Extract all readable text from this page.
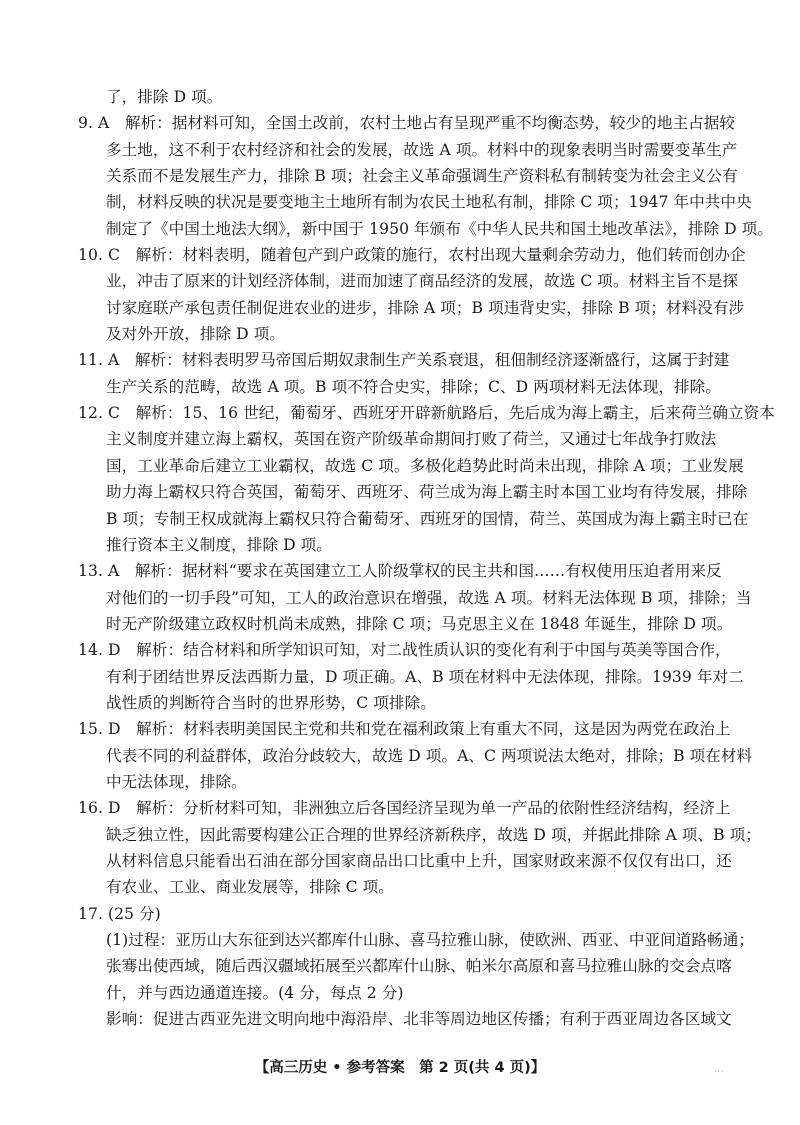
了，排除 D 项。
9. A　解析：据材料可知，全国土改前，农村土地占有呈现严重不均衡态势，较少的地主占据较
多土地，这不利于农村经济和社会的发展，故选 A 项。材料中的现象表明当时需要变革生产
关系而不是发展生产力，排除 B 项；社会主义革命强调生产资料私有制转变为社会主义公有
制，材料反映的状况是要变地主土地所有制为农民土地私有制，排除 C 项；1947 年中共中央
制定了《中国土地法大纲》，新中国于 1950 年颁布《中华人民共和国土地改革法》，排除 D 项。
10. C　解析：材料表明，随着包产到户政策的施行，农村出现大量剩余劳动力，他们转而创办企
业，冲击了原来的计划经济体制，进而加速了商品经济的发展，故选 C 项。材料主旨不是探
讨家庭联产承包责任制促进农业的进步，排除 A 项；B 项违背史实，排除 B 项；材料没有涉
及对外开放，排除 D 项。
11. A　解析：材料表明罗马帝国后期奴隶制生产关系衰退，租佃制经济逐渐盛行，这属于封建
生产关系的范畴，故选 A 项。B 项不符合史实，排除；C、D 两项材料无法体现，排除。
12. C　解析：15、16 世纪，葡萄牙、西班牙开辟新航路后，先后成为海上霸主，后来荷兰确立资本
主义制度并建立海上霸权，英国在资产阶级革命期间打败了荷兰，又通过七年战争打败法
国，工业革命后建立工业霸权，故选 C 项。多极化趋势此时尚未出现，排除 A 项；工业发展
助力海上霸权只符合英国，葡萄牙、西班牙、荷兰成为海上霸主时本国工业均有待发展，排除
B 项；专制王权成就海上霸权只符合葡萄牙、西班牙的国情，荷兰、英国成为海上霸主时已在
推行资本主义制度，排除 D 项。
13. A　解析：据材料“要求在英国建立工人阶级掌权的民主共和国……有权使用压迫者用来反
对他们的一切手段”可知，工人的政治意识在增强，故选 A 项。材料无法体现 B 项，排除；当
时无产阶级建立政权时机尚未成熟，排除 C 项；马克思主义在 1848 年诞生，排除 D 项。
14. D　解析：结合材料和所学知识可知，对二战性质认识的变化有利于中国与英美等国合作，
有利于团结世界反法西斯力量，D 项正确。A、B 项在材料中无法体现，排除。1939 年对二
战性质的判断符合当时的世界形势，C 项排除。
15. D　解析：材料表明美国民主党和共和党在福利政策上有重大不同，这是因为两党在政治上
代表不同的利益群体，政治分歧较大，故选 D 项。A、C 两项说法太绝对，排除；B 项在材料
中无法体现，排除。
16. D　解析：分析材料可知，非洲独立后各国经济呈现为单一产品的依附性经济结构，经济上
缺乏独立性，因此需要构建公正合理的世界经济新秩序，故选 D 项，并据此排除 A 项、B 项；
从材料信息只能看出石油在部分国家商品出口比重中上升，国家财政来源不仅仅有出口，还
有农业、工业、商业发展等，排除 C 项。
17. (25 分)
(1)过程：亚历山大东征到达兴都库什山脉、喜马拉雅山脉，使欧洲、西亚、中亚间道路畅通；
张骞出使西域，随后西汉疆域拓展至兴都库什山脉、帕米尔高原和喜马拉雅山脉的交会点喀
什，并与西边通道连接。(4 分，每点 2 分)
影响：促进古西亚先进文明向地中海沿岸、北非等周边地区传播；有利于西亚周边各区域文
【高三历史 • 参考答案　第 2 页(共 4 页)】	...
